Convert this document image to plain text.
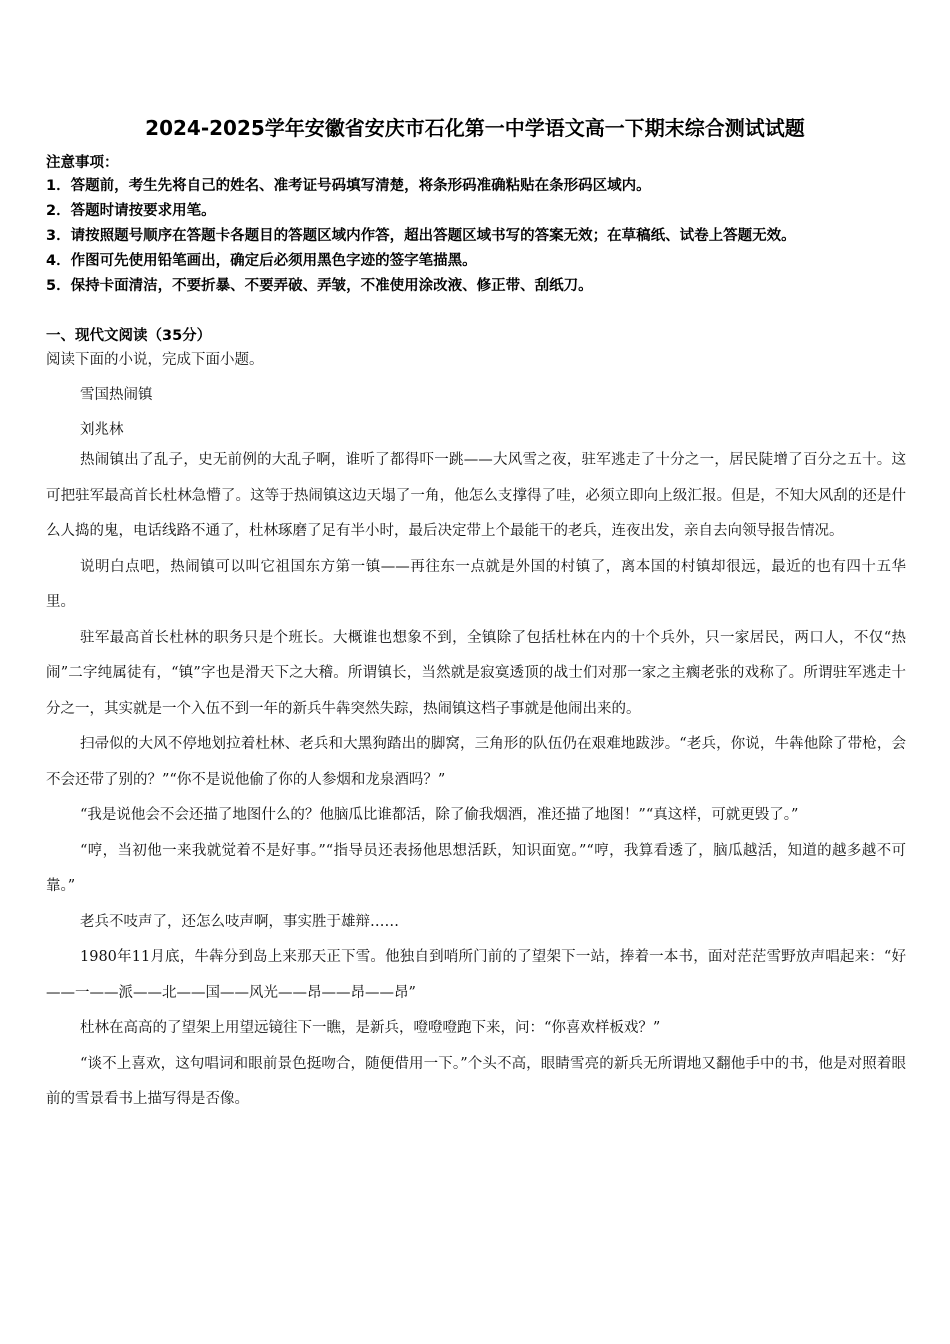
2024-2025学年安徽省安庆市石化第一中学语文高一下期末综合测试试题
注意事项：
1．答题前，考生先将自己的姓名、准考证号码填写清楚，将条形码准确粘贴在条形码区域内。
2．答题时请按要求用笔。
3．请按照题号顺序在答题卡各题目的答题区域内作答，超出答题区域书写的答案无效；在草稿纸、试卷上答题无效。
4．作图可先使用铅笔画出，确定后必须用黑色字迹的签字笔描黑。
5．保持卡面清洁，不要折暴、不要弄破、弄皱，不准使用涂改液、修正带、刮纸刀。
一、现代文阅读（35分）
阅读下面的小说，完成下面小题。
雪国热闹镇
刘兆林

热闹镇出了乱子，史无前例的大乱子啊，谁听了都得吓一跳——大风雪之夜，驻军逃走了十分之一，居民陡增了百分之五十。这可把驻军最高首长杜林急懵了。这等于热闹镇这边天塌了一角，他怎么支撑得了哇，必须立即向上级汇报。但是，不知大风刮的还是什么人捣的鬼，电话线路不通了，杜林琢磨了足有半小时，最后决定带上个最能干的老兵，连夜出发，亲自去向领导报告情况。

说明白点吧，热闹镇可以叫它祖国东方第一镇——再往东一点就是外国的村镇了，离本国的村镇却很远，最近的也有四十五华里。

驻军最高首长杜林的职务只是个班长。大概谁也想象不到，全镇除了包括杜林在内的十个兵外，只一家居民，两口人，不仅“热闹”二字纯属徒有，“镇”字也是滑天下之大稽。所谓镇长，当然就是寂寞透顶的战士们对那一家之主瘸老张的戏称了。所谓驻军逃走十分之一，其实就是一个入伍不到一年的新兵牛犇突然失踪，热闹镇这档子事就是他闹出来的。

扫帚似的大风不停地划拉着杜林、老兵和大黑狗踏出的脚窝，三角形的队伍仍在艰难地跋涉。“老兵，你说，牛犇他除了带枪，会不会还带了别的？”“你不是说他偷了你的人参烟和龙泉酒吗？”

“我是说他会不会还描了地图什么的？他脑瓜比谁都活，除了偷我烟酒，准还描了地图！”“真这样，可就更毁了。”

“哼，当初他一来我就觉着不是好事。”“指导员还表扬他思想活跃，知识面宽。”“哼，我算看透了，脑瓜越活，知道的越多越不可靠。”

老兵不吱声了，还怎么吱声啊，事实胜于雄辩……

1980年11月底，牛犇分到岛上来那天正下雪。他独自到哨所门前的了望架下一站，捧着一本书，面对茫茫雪野放声唱起来：“好——一——派——北——国——风光——昂——昂——昂”

杜林在高高的了望架上用望远镜往下一瞧，是新兵，噔噔噔跑下来，问：“你喜欢样板戏？”

“谈不上喜欢，这句唱词和眼前景色挺吻合，随便借用一下。”个头不高，眼睛雪亮的新兵无所谓地又翻他手中的书，他是对照着眼前的雪景看书上描写得是否像。
